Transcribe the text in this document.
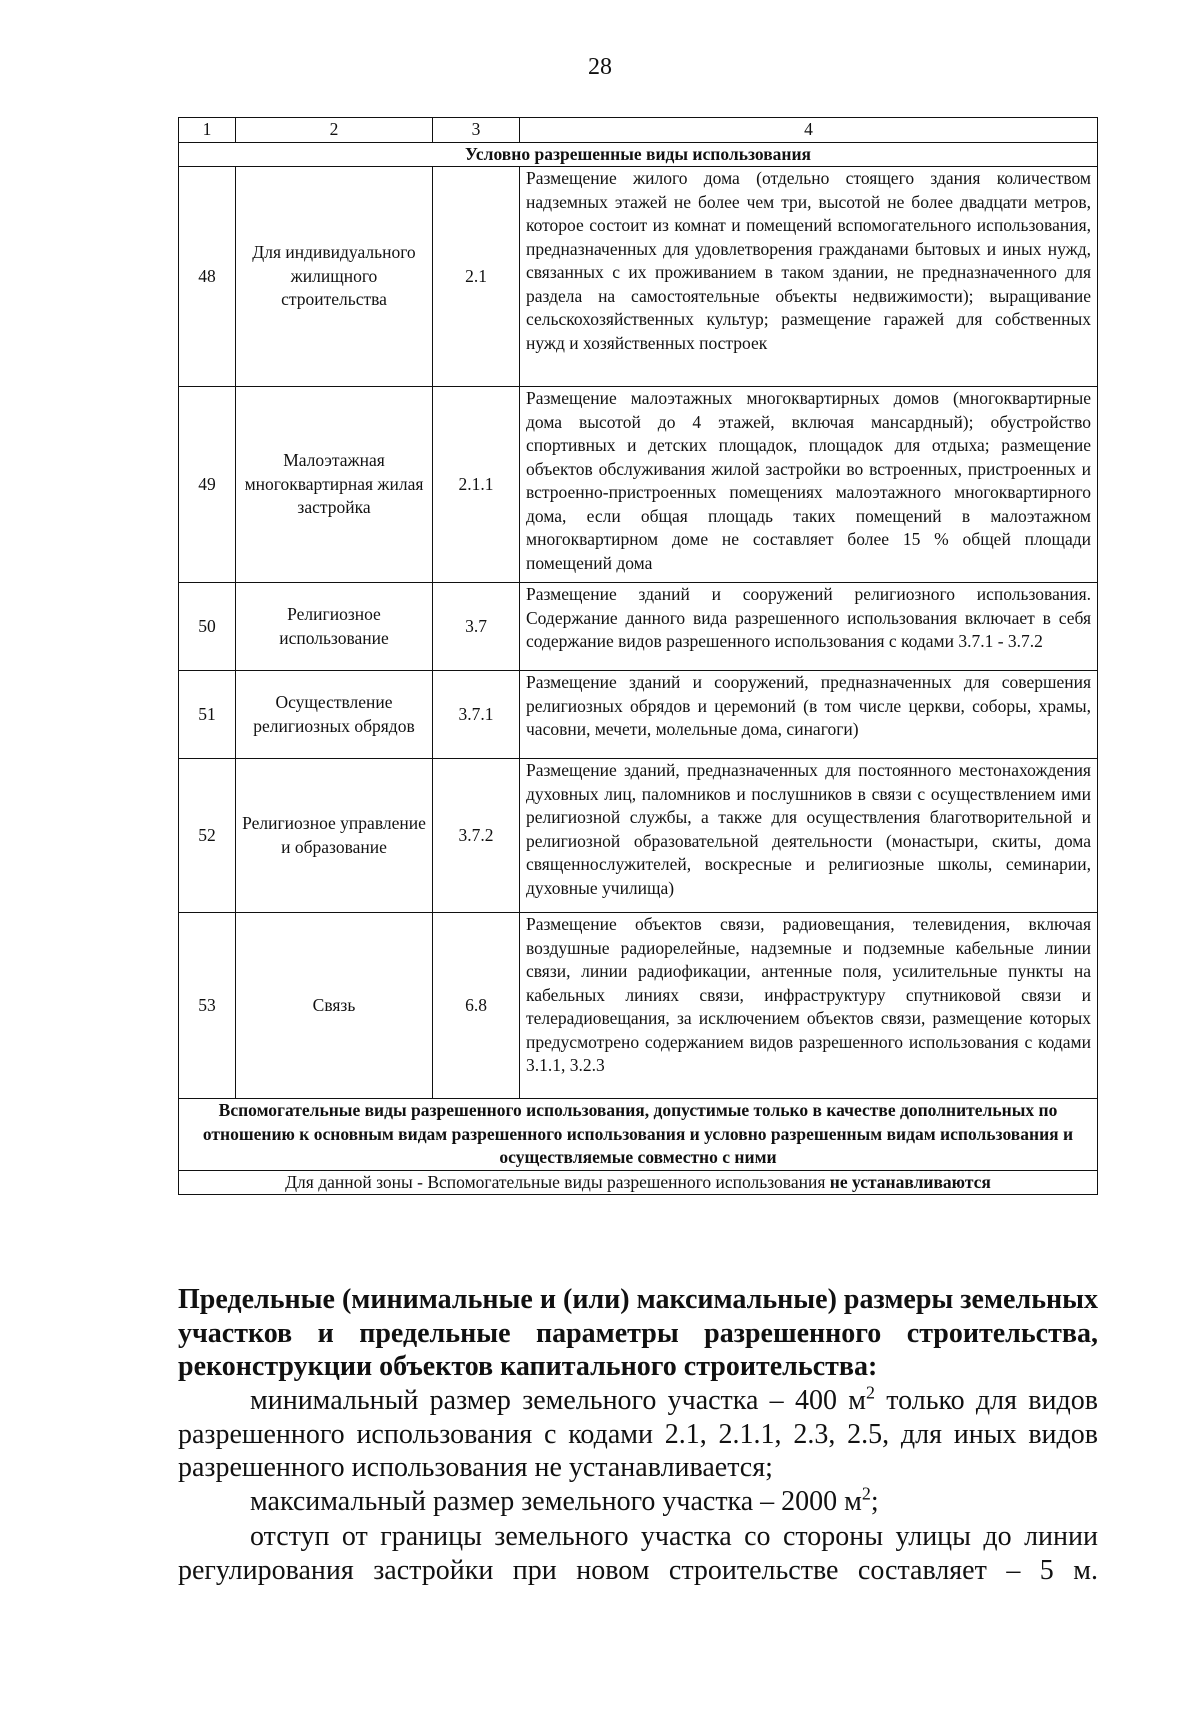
28
1	2	3	4
Условно разрешенные виды использования			
48	Для индивидуального жилищного строительства	2.1	Размещение жилого дома (отдельно стоящего здания количеством надземных этажей не более чем три, высотой не более двадцати метров, которое состоит из комнат и помещений вспомогательного использования, предназначенных для удовлетворения гражданами бытовых и иных нужд, связанных с их проживанием в таком здании, не предназначенного для раздела на самостоятельные объекты недвижимости); выращивание сельскохозяйственных культур; размещение гаражей для собственных нужд и хозяйственных построек
49	Малоэтажная многоквартирная жилая застройка	2.1.1	Размещение малоэтажных многоквартирных домов (многоквартирные дома высотой до 4 этажей, включая мансардный); обустройство спортивных и детских площадок, площадок для отдыха; размещение объектов обслуживания жилой застройки во встроенных, пристроенных и встроенно-пристроенных помещениях малоэтажного многоквартирного дома, если общая площадь таких помещений в малоэтажном многоквартирном доме не составляет более 15 % общей площади помещений дома
50	Религиозное использование	3.7	Размещение зданий и сооружений религиозного использования. Содержание данного вида разрешенного использования включает в себя содержание видов разрешенного использования с кодами 3.7.1 - 3.7.2
51	Осуществление религиозных обрядов	3.7.1	Размещение зданий и сооружений, предназначенных для совершения религиозных обрядов и церемоний (в том числе церкви, соборы, храмы, часовни, мечети, молельные дома, синагоги)
52	Религиозное управление и образование	3.7.2	Размещение зданий, предназначенных для постоянного местонахождения духовных лиц, паломников и послушников в связи с осуществлением ими религиозной службы, а также для осуществления благотворительной и религиозной образовательной деятельности (монастыри, скиты, дома священнослужителей, воскресные и религиозные школы, семинарии, духовные училища)
53	Связь	6.8	Размещение объектов связи, радиовещания, телевидения, включая воздушные радиорелейные, надземные и подземные кабельные линии связи, линии радиофикации, антенные поля, усилительные пункты на кабельных линиях связи, инфраструктуру спутниковой связи и телерадиовещания, за исключением объектов связи, размещение которых предусмотрено содержанием видов разрешенного использования с кодами 3.1.1, 3.2.3
Вспомогательные виды разрешенного использования, допустимые только в качестве дополнительных по отношению к основным видам разрешенного использования и условно разрешенным видам использования и осуществляемые совместно с ними			
Для данной зоны - Вспомогательные виды разрешенного использования не устанавливаются			
Предельные (минимальные и (или) максимальные) размеры земельных участков и предельные параметры разрешенного строительства, реконструкции объектов капитального строительства:
минимальный размер земельного участка – 400 $м^2$ только для видов разрешенного использования с кодами 2.1, 2.1.1, 2.3, 2.5, для иных видов разрешенного использования не устанавливается;
максимальный размер земельного участка – 2000 $м^2$;
отступ от границы земельного участка со стороны улицы до линии регулирования застройки при новом строительстве составляет – 5 м.
